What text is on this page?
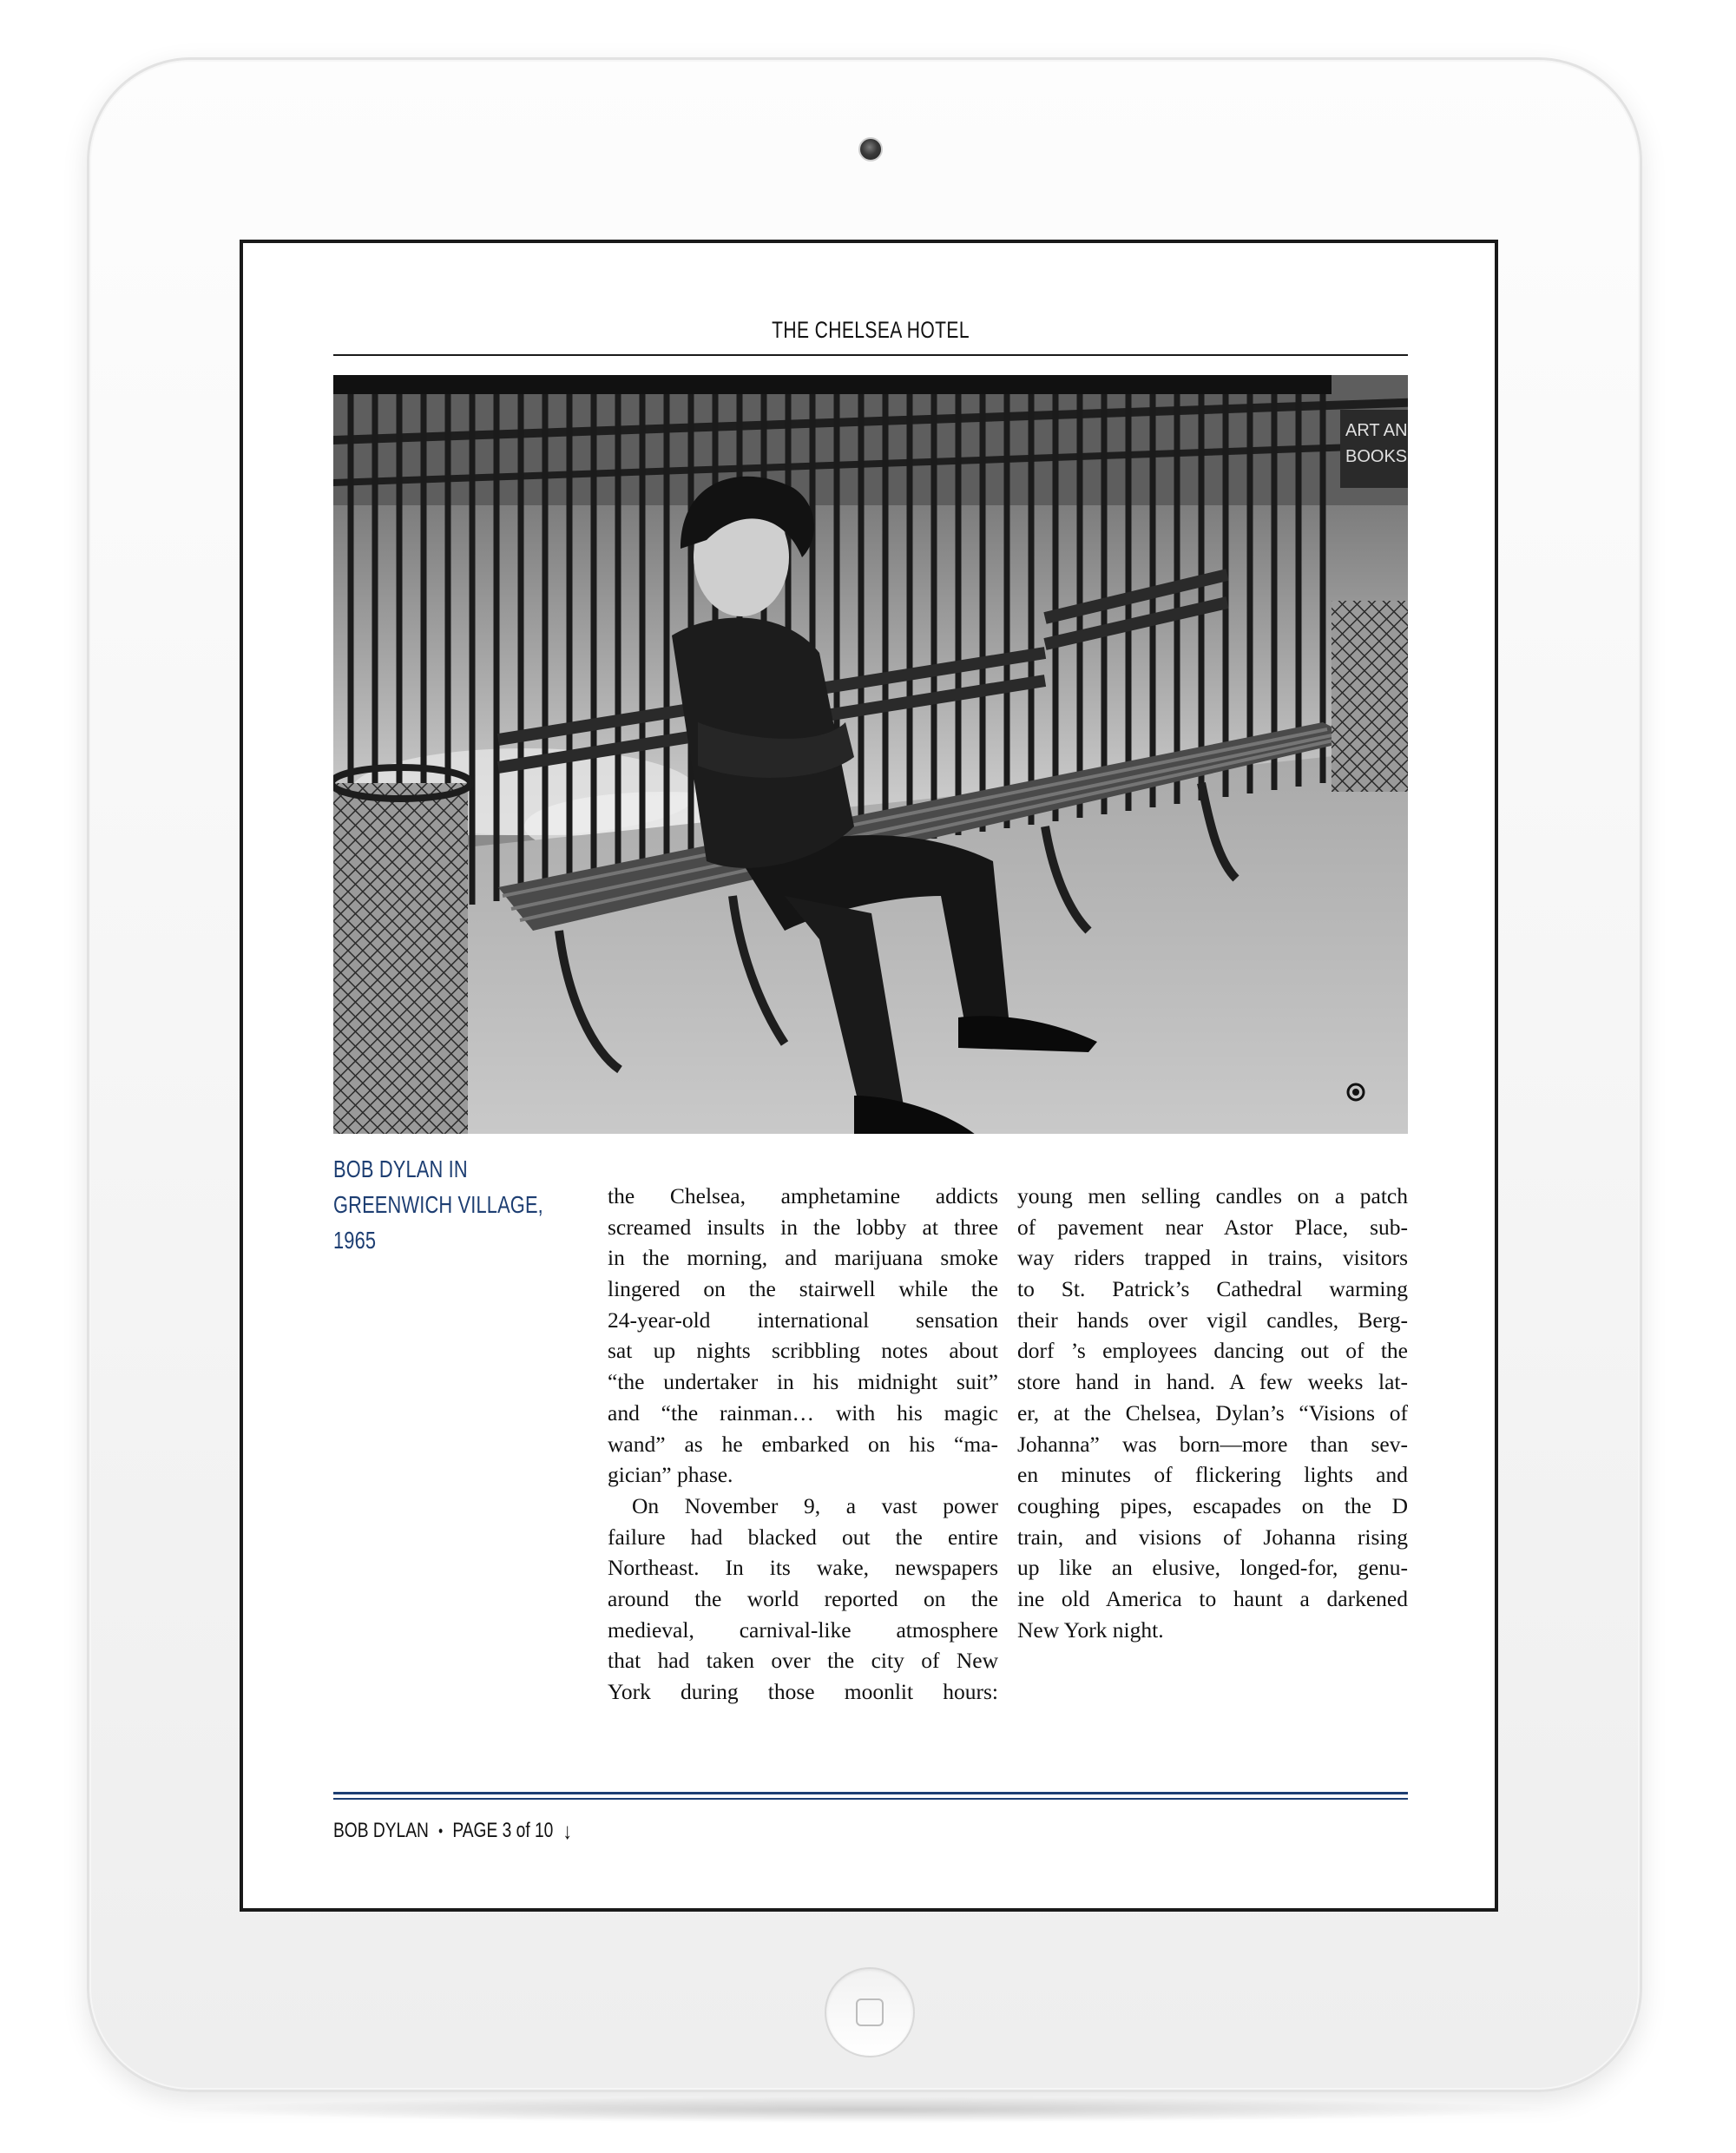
THE CHELSEA HOTEL
ART AN
BOOKS
BOB DYLAN IN
GREENWICH VILLAGE,
1965
the Chelsea, amphetamine addicts
screamed insults in the lobby at three
in the morning, and marijuana smoke
lingered on the stairwell while the
24-year-old international sensation
sat up nights scribbling notes about
“the undertaker in his midnight suit”
and “the rainman… with his magic
wand” as he embarked on his “ma-
gician” phase.
On November 9, a vast power
failure had blacked out the entire
Northeast. In its wake, newspapers
around the world reported on the
medieval, carnival-like atmosphere
that had taken over the city of New
York during those moonlit hours:
young men selling candles on a patch
of pavement near Astor Place, sub-
way riders trapped in trains, visitors
to St. Patrick’s Cathedral warming
their hands over vigil candles, Berg-
dorf ’s employees dancing out of the
store hand in hand. A few weeks lat-
er, at the Chelsea, Dylan’s “Visions of
Johanna” was born—more than sev-
en minutes of flickering lights and
coughing pipes, escapades on the D
train, and visions of Johanna rising
up like an elusive, longed-for, genu-
ine old America to haunt a darkened
New York night.
BOB DYLAN • PAGE 3 of 10 ↓
